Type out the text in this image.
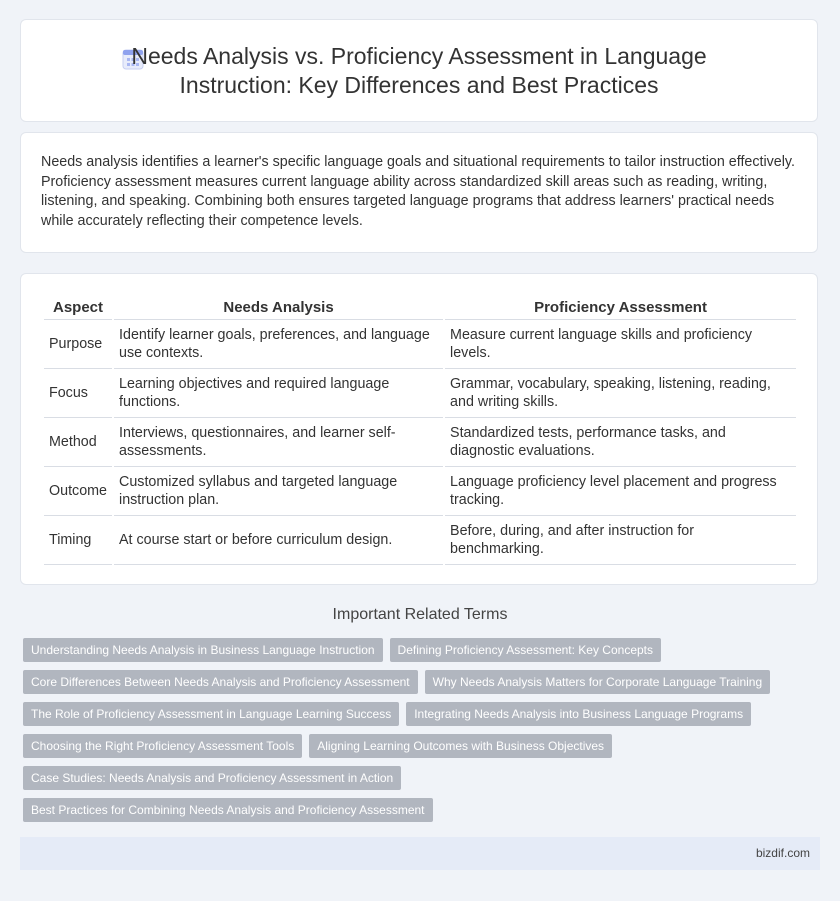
Needs Analysis vs. Proficiency Assessment in Language Instruction: Key Differences and Best Practices

Needs analysis identifies a learner's specific language goals and situational requirements to tailor instruction effectively. Proficiency assessment measures current language ability across standardized skill areas such as reading, writing, listening, and speaking. Combining both ensures targeted language programs that address learners' practical needs while accurately reflecting their competence levels.

Aspect	Needs Analysis	Proficiency Assessment
Purpose	Identify learner goals, preferences, and language use contexts.	Measure current language skills and proficiency levels.
Focus	Learning objectives and required language functions.	Grammar, vocabulary, speaking, listening, reading, and writing skills.
Method	Interviews, questionnaires, and learner self-assessments.	Standardized tests, performance tasks, and diagnostic evaluations.
Outcome	Customized syllabus and targeted language instruction plan.	Language proficiency level placement and progress tracking.
Timing	At course start or before curriculum design.	Before, during, and after instruction for benchmarking.
Important Related Terms
Understanding Needs Analysis in Business Language Instruction Defining Proficiency Assessment: Key Concepts
Core Differences Between Needs Analysis and Proficiency Assessment Why Needs Analysis Matters for Corporate Language Training
The Role of Proficiency Assessment in Language Learning Success Integrating Needs Analysis into Business Language Programs
Choosing the Right Proficiency Assessment Tools Aligning Learning Outcomes with Business Objectives
Case Studies: Needs Analysis and Proficiency Assessment in Action
Best Practices for Combining Needs Analysis and Proficiency Assessment
bizdif.com
